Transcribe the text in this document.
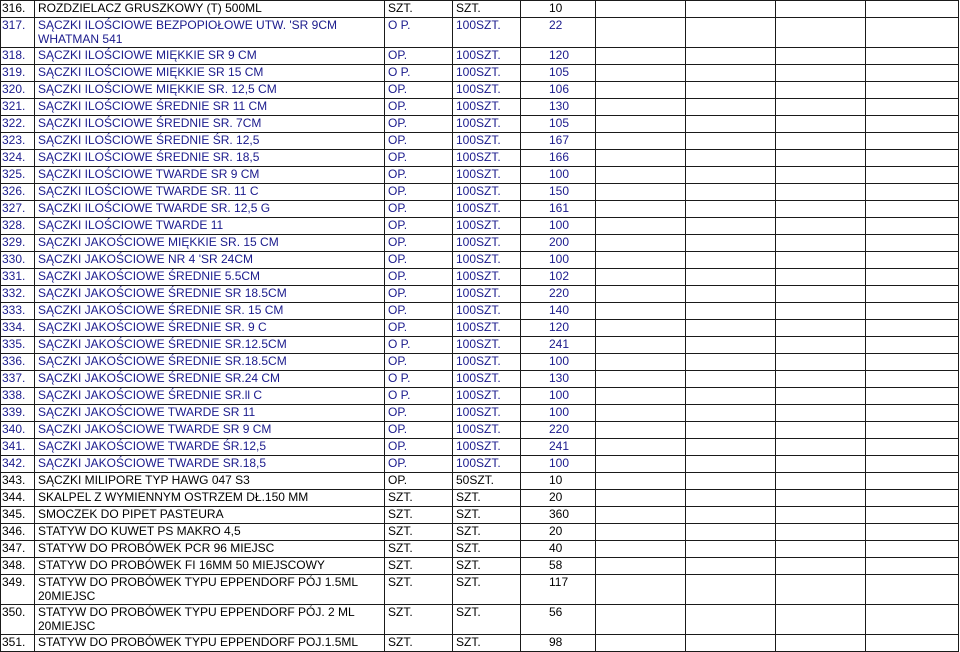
316.	ROZDZIELACZ GRUSZKOWY (T) 500ML	SZT.	SZT.	10				
317.	SĄCZKI ILOŚCIOWE BEZPOPIOŁOWE UTW. 'SR 9CM WHATMAN 541	O P.	100SZT.	22				
318.	SĄCZKI ILOŚCIOWE MIĘKKIE SR 9 CM	OP.	100SZT.	120				
319.	SĄCZKI ILOŚCIOWE MIĘKKIE SR 15 CM	O P.	100SZT.	105				
320.	SĄCZKI ILOŚCIOWE MIĘKKIE SR. 12,5 CM	OP.	100SZT.	106				
321.	SĄCZKI ILOŚCIOWE ŚREDNIE SR 11 CM	OP.	100SZT.	130				
322.	SĄCZKI ILOŚCIOWE ŚREDNIE SR. 7CM	OP.	100SZT.	105				
323.	SĄCZKI ILOŚCIOWE ŚREDNIE ŚR. 12,5	OP.	100SZT.	167				
324.	SĄCZKI ILOŚCIOWE ŚREDNIE SR. 18,5	OP.	100SZT.	166				
325.	SĄCZKI ILOŚCIOWE TWARDE SR 9 CM	OP.	100SZT.	100				
326.	SĄCZKI ILOŚCIOWE TWARDE SR. 11 C	OP.	100SZT.	150				
327.	SĄCZKI ILOŚCIOWE TWARDE SR. 12,5 G	OP.	100SZT.	161				
328.	SĄCZKI ILOŚCIOWE TWARDE 11	OP.	100SZT.	100				
329.	SĄCZKI JAKOŚCIOWE MIĘKKIE SR. 15 CM	OP.	100SZT.	200				
330.	SĄCZKI JAKOŚCIOWE NR 4 'SR 24CM	OP.	100SZT.	100				
331.	SĄCZKI JAKOŚCIOWE ŚREDNIE 5.5CM	OP.	100SZT.	102				
332.	SĄCZKI JAKOŚCIOWE ŚREDNIE SR 18.5CM	OP.	100SZT.	220				
333.	SĄCZKI JAKOŚCIOWE ŚREDNIE SR. 15 CM	OP.	100SZT.	140				
334.	SĄCZKI JAKOŚCIOWE ŚREDNIE SR. 9 C	OP.	100SZT.	120				
335.	SĄCZKI JAKOŚCIOWE ŚREDNIE SR.12.5CM	O P.	100SZT.	241				
336.	SĄCZKI JAKOŚCIOWE ŚREDNIE SR.18.5CM	OP.	100SZT.	100				
337.	SĄCZKI JAKOŚCIOWE ŚREDNIE SR.24 CM	O P.	100SZT.	130				
338.	SĄCZKI JAKOŚCIOWE ŚREDNIE SR.ll C	O P.	100SZT.	100				
339.	SĄCZKI JAKOŚCIOWE TWARDE SR 11	OP.	100SZT.	100				
340.	SĄCZKI JAKOŚCIOWE TWARDE SR 9 CM	OP.	100SZT.	220				
341.	SĄCZKI JAKOŚCIOWE TWARDE ŚR.12,5	OP.	100SZT.	241				
342.	SĄCZKI JAKOŚCIOWE TWARDE SR.18,5	OP.	100SZT.	100				
343.	SĄCZKI MILIPORE TYP HAWG 047 S3	OP.	50SZT.	10				
344.	SKALPEL Z WYMIENNYM OSTRZEM DŁ.150 MM	SZT.	SZT.	20				
345.	SMOCZEK DO PIPET PASTEURA	SZT.	SZT.	360				
346.	STATYW DO KUWET PS MAKRO 4,5	SZT.	SZT.	20				
347.	STATYW DO PROBÓWEK PCR 96 MIEJSC	SZT.	SZT.	40				
348.	STATYW DO PROBÓWEK FI 16MM 50 MIEJSCOWY	SZT.	SZT.	58				
349.	STATYW DO PROBÓWEK TYPU EPPENDORF PÓJ 1.5ML 20MIEJSC	SZT.	SZT.	117				
350.	STATYW DO PROBÓWEK TYPU EPPENDORF PÓJ. 2 ML 20MIEJSC	SZT.	SZT.	56				
351.	STATYW DO PROBÓWEK TYPU EPPENDORF POJ.1.5ML	SZT.	SZT.	98				
